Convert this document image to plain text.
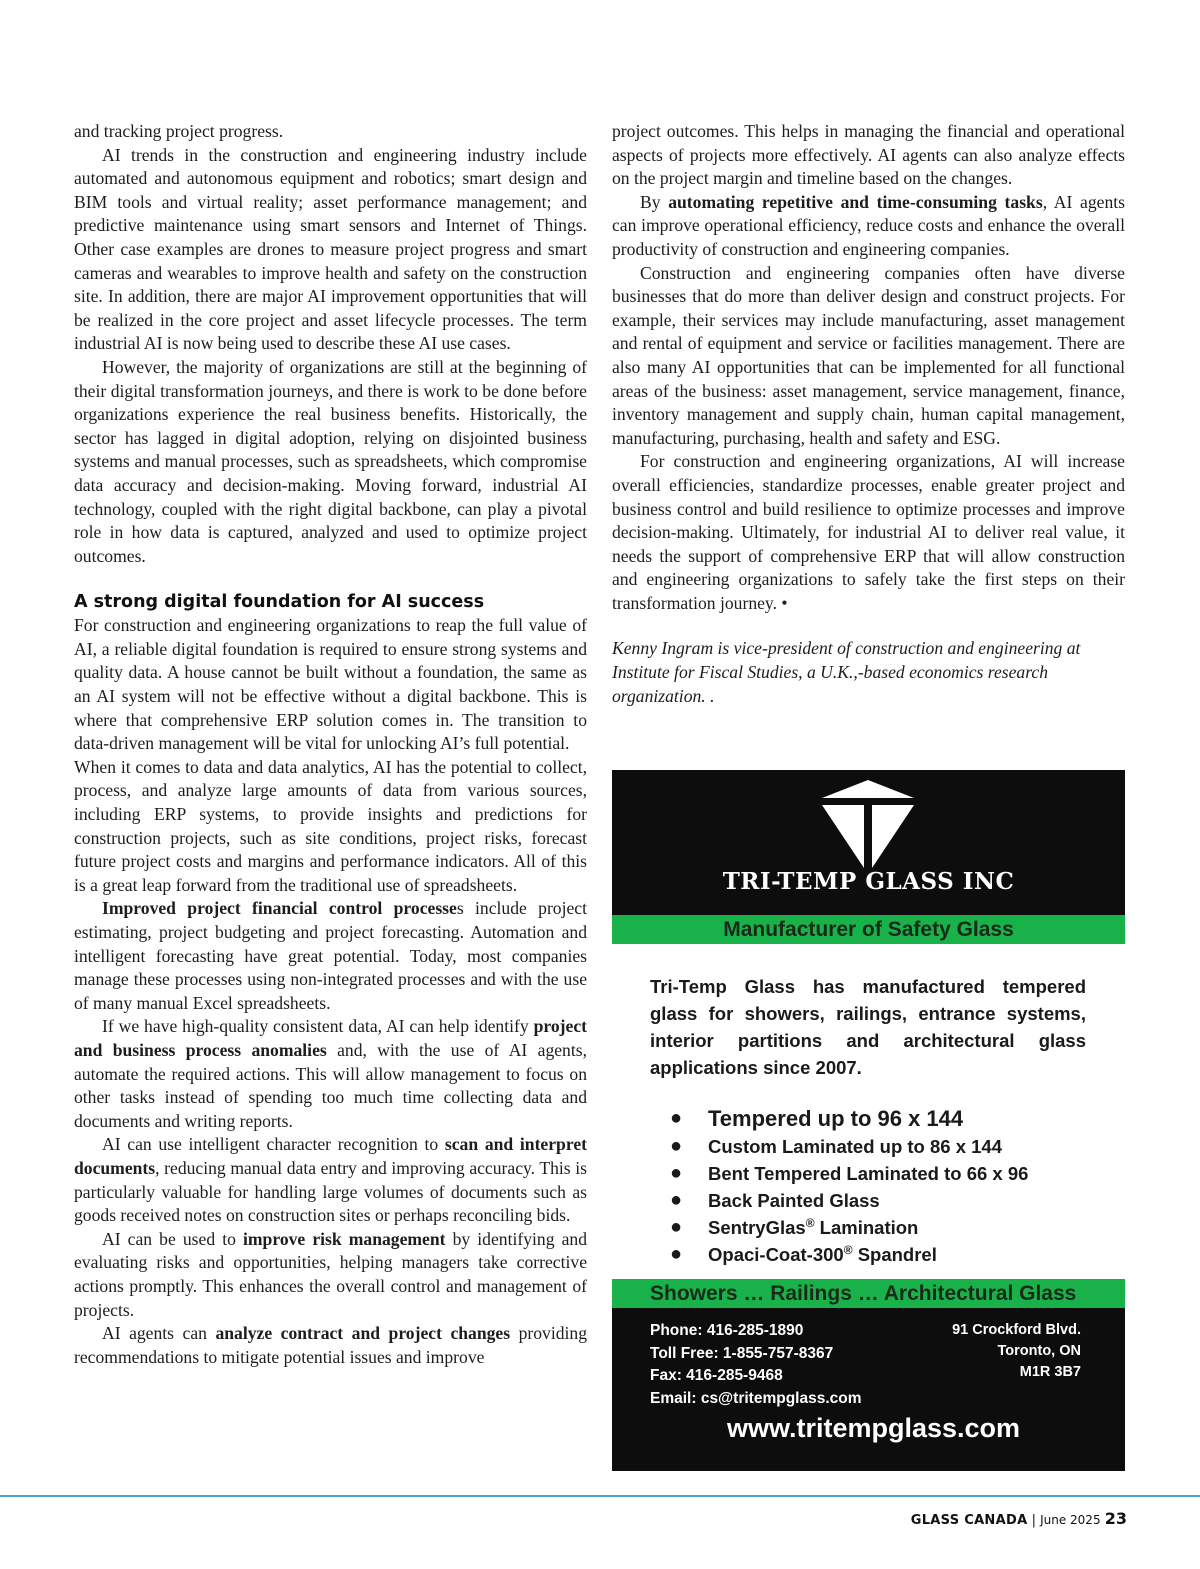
and tracking project progress.

AI trends in the construction and engineering industry include automated and autonomous equipment and robotics; smart design and BIM tools and virtual reality; asset performance management; and predictive maintenance using smart sensors and Internet of Things. Other case examples are drones to measure project progress and smart cameras and wearables to improve health and safety on the construction site. In addition, there are major AI improvement opportunities that will be realized in the core project and asset lifecycle processes. The term industrial AI is now being used to describe these AI use cases.

However, the majority of organizations are still at the beginning of their digital transformation journeys, and there is work to be done before organizations experience the real business benefits. Historically, the sector has lagged in digital adoption, relying on disjointed business systems and manual processes, such as spreadsheets, which compromise data accuracy and decision-making. Moving forward, industrial AI technology, coupled with the right digital backbone, can play a pivotal role in how data is captured, analyzed and used to optimize project outcomes.

A strong digital foundation for AI success

For construction and engineering organizations to reap the full value of AI, a reliable digital foundation is required to ensure strong systems and quality data. A house cannot be built without a foundation, the same as an AI system will not be effective without a digital backbone. This is where that comprehensive ERP solution comes in. The transition to data-driven management will be vital for unlocking AI’s full potential.

When it comes to data and data analytics, AI has the potential to collect, process, and analyze large amounts of data from various sources, including ERP systems, to provide insights and predictions for construction projects, such as site conditions, project risks, forecast future project costs and margins and performance indicators. All of this is a great leap forward from the traditional use of spreadsheets.

Improved project financial control processes include project estimating, project budgeting and project forecasting. Automation and intelligent forecasting have great potential. Today, most companies manage these processes using non-integrated processes and with the use of many manual Excel spreadsheets.

If we have high-quality consistent data, AI can help identify project and business process anomalies and, with the use of AI agents, automate the required actions. This will allow management to focus on other tasks instead of spending too much time collecting data and documents and writing reports.

AI can use intelligent character recognition to scan and interpret documents, reducing manual data entry and improving accuracy. This is particularly valuable for handling large volumes of documents such as goods received notes on construction sites or perhaps reconciling bids.

AI can be used to improve risk management by identifying and evaluating risks and opportunities, helping managers take corrective actions promptly. This enhances the overall control and management of projects.

AI agents can analyze contract and project changes providing recommendations to mitigate potential issues and improve

project outcomes. This helps in managing the financial and operational aspects of projects more effectively. AI agents can also analyze effects on the project margin and timeline based on the changes.

By automating repetitive and time-consuming tasks, AI agents can improve operational efficiency, reduce costs and enhance the overall productivity of construction and engineering companies.

Construction and engineering companies often have diverse businesses that do more than deliver design and construct projects. For example, their services may include manufacturing, asset management and rental of equipment and service or facilities management. There are also many AI opportunities that can be implemented for all functional areas of the business: asset management, service management, finance, inventory management and supply chain, human capital management, manufacturing, purchasing, health and safety and ESG.

For construction and engineering organizations, AI will increase overall efficiencies, standardize processes, enable greater project and business control and build resilience to optimize processes and improve decision-making. Ultimately, for industrial AI to deliver real value, it needs the support of comprehensive ERP that will allow construction and engineering organizations to safely take the first steps on their transformation journey. •

Kenny Ingram is vice-president of construction and engineering at Institute for Fiscal Studies, a U.K.,-based economics research organization. .

TRI-TEMP GLASS INC
Manufacturer of Safety Glass
Tri-Temp Glass has manufactured tempered glass for showers, railings, entrance systems, interior partitions and architectural glass applications since 2007.
● Tempered up to 96 x 144
● Custom Laminated up to 86 x 144
● Bent Tempered Laminated to 66 x 96
● Back Painted Glass
● SentryGlas® Lamination
● Opaci-Coat-300® Spandrel
Showers … Railings … Architectural Glass
Phone: 416-285-1890
Toll Free: 1-855-757-8367
Fax: 416-285-9468
Email: cs@tritempglass.com
91 Crockford Blvd.
Toronto, ON
M1R 3B7
www.tritempglass.com
GLASS CANADA | June 2025 23
